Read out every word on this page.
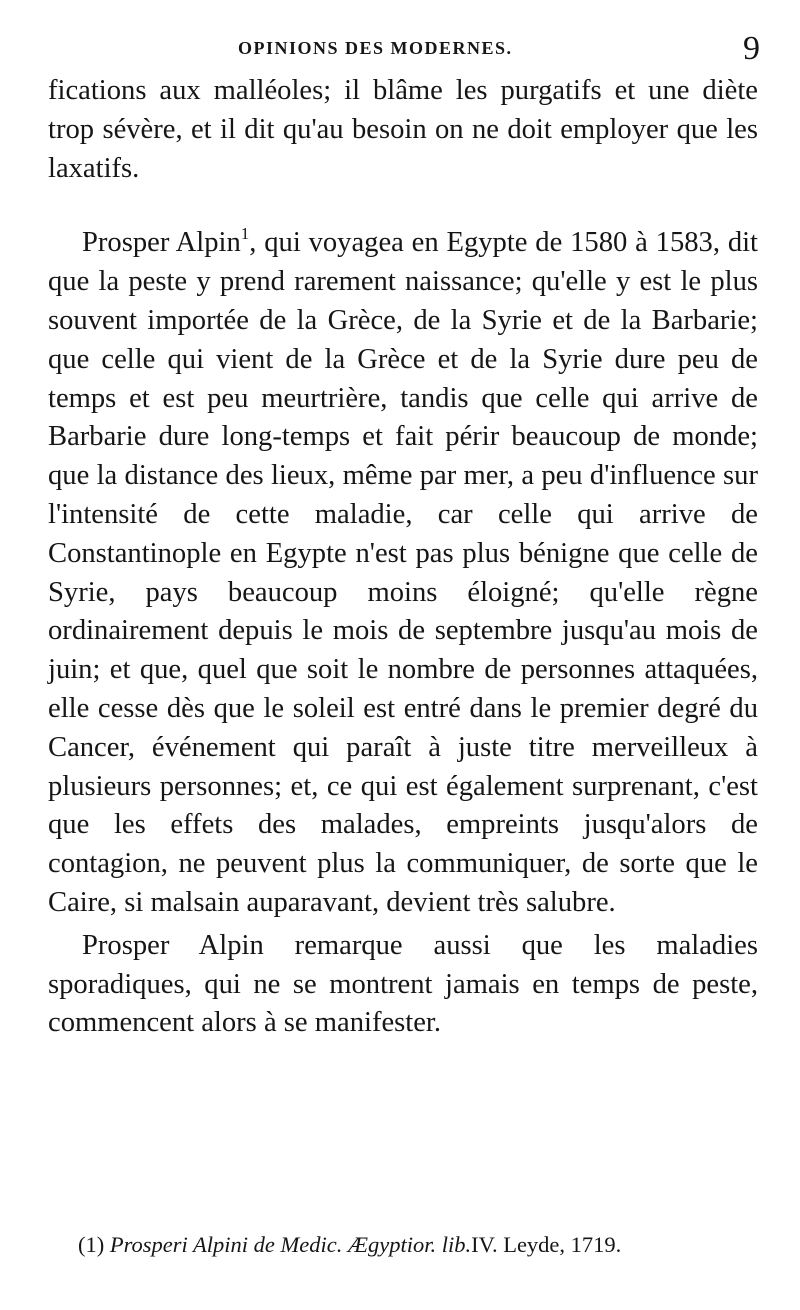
OPINIONS DES MODERNES.	9

fications aux malléoles; il blâme les purgatifs et une diète trop sévère, et il dit qu'au besoin on ne doit employer que les laxatifs.

Prosper Alpin$^1$, qui voyagea en Egypte de 1580 à 1583, dit que la peste y prend rarement naissance; qu'elle y est le plus souvent importée de la Grèce, de la Syrie et de la Barbarie; que celle qui vient de la Grèce et de la Syrie dure peu de temps et est peu meurtrière, tandis que celle qui arrive de Barbarie dure long-temps et fait périr beaucoup de monde; que la distance des lieux, même par mer, a peu d'influence sur l'intensité de cette maladie, car celle qui arrive de Constantinople en Egypte n'est pas plus bénigne que celle de Syrie, pays beaucoup moins éloigné; qu'elle règne ordinairement depuis le mois de septembre jusqu'au mois de juin; et que, quel que soit le nombre de personnes attaquées, elle cesse dès que le soleil est entré dans le premier degré du Cancer, événement qui paraît à juste titre merveilleux à plusieurs personnes; et, ce qui est également surprenant, c'est que les effets des malades, empreints jusqu'alors de contagion, ne peuvent plus la communiquer, de sorte que le Caire, si malsain auparavant, devient très salubre.

Prosper Alpin remarque aussi que les maladies sporadiques, qui ne se montrent jamais en temps de peste, commencent alors à se manifester.

(1) Prosperi Alpini de Medic. Ægyptior. lib.IV. Leyde, 1719.
